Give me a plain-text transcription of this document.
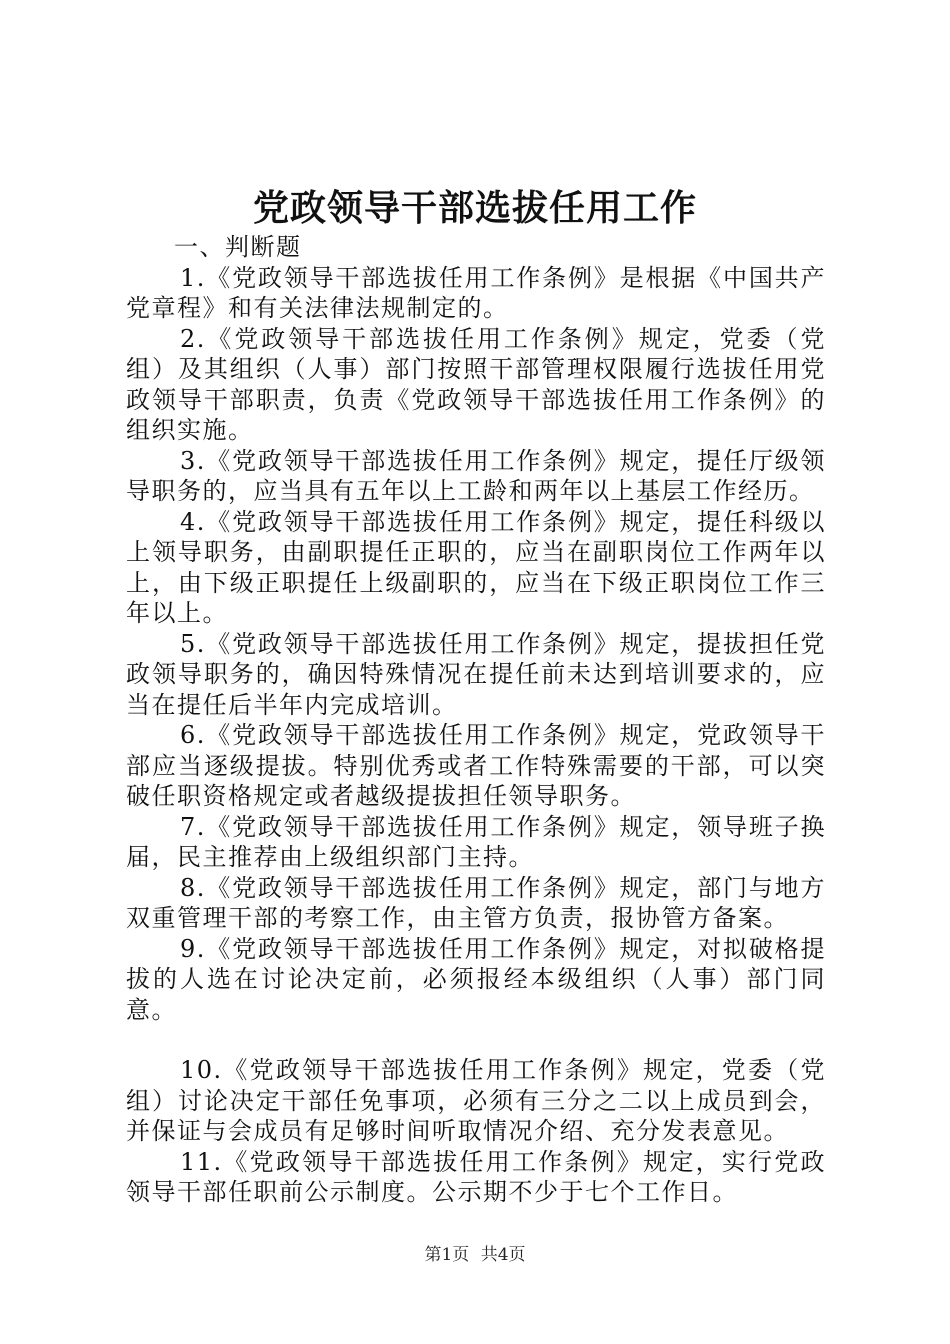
党政领导干部选拔任用工作

一、判断题

1.《党政领导干部选拔任用工作条例》是根据《中国共产党章程》和有关法律法规制定的。

2.《党政领导干部选拔任用工作条例》规定，党委（党组）及其组织（人事）部门按照干部管理权限履行选拔任用党政领导干部职责，负责《党政领导干部选拔任用工作条例》的组织实施。

3.《党政领导干部选拔任用工作条例》规定，提任厅级领导职务的，应当具有五年以上工龄和两年以上基层工作经历。

4.《党政领导干部选拔任用工作条例》规定，提任科级以上领导职务，由副职提任正职的，应当在副职岗位工作两年以上，由下级正职提任上级副职的，应当在下级正职岗位工作三年以上。

5.《党政领导干部选拔任用工作条例》规定，提拔担任党政领导职务的，确因特殊情况在提任前未达到培训要求的，应当在提任后半年内完成培训。

6.《党政领导干部选拔任用工作条例》规定，党政领导干部应当逐级提拔。特别优秀或者工作特殊需要的干部，可以突破任职资格规定或者越级提拔担任领导职务。

7.《党政领导干部选拔任用工作条例》规定，领导班子换届，民主推荐由上级组织部门主持。

8.《党政领导干部选拔任用工作条例》规定，部门与地方双重管理干部的考察工作，由主管方负责，报协管方备案。

9.《党政领导干部选拔任用工作条例》规定，对拟破格提拔的人选在讨论决定前，必须报经本级组织（人事）部门同意。

10.《党政领导干部选拔任用工作条例》规定，党委（党组）讨论决定干部任免事项，必须有三分之二以上成员到会，并保证与会成员有足够时间听取情况介绍、充分发表意见。

11.《党政领导干部选拔任用工作条例》规定，实行党政领导干部任职前公示制度。公示期不少于七个工作日。

第1页 共4页
